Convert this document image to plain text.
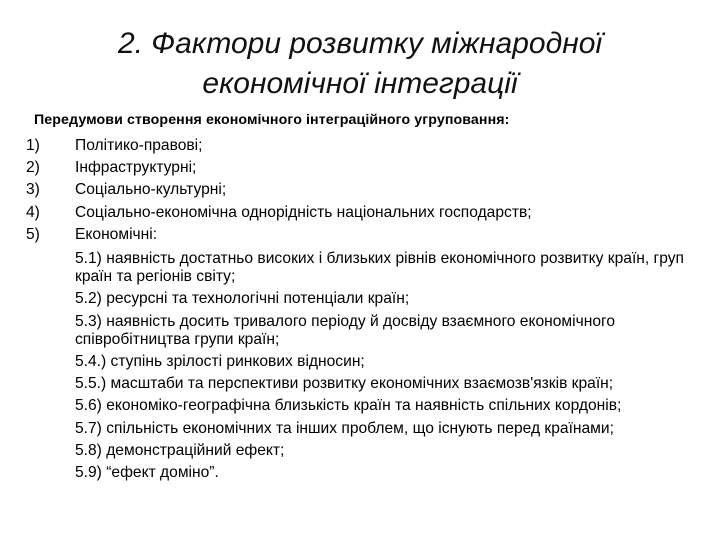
2. Фактори розвитку міжнародної економічної інтеграції
Передумови створення економічного інтеграційного угруповання:
1) Політико-правові;
2) Інфраструктурні;
3) Соціально-культурні;
4) Соціально-економічна однорідність національних господарств;
5) Економічні:
5.1) наявність достатньо високих і близьких рівнів економічного розвитку країн, груп країн та регіонів світу;
5.2) ресурсні та технологічні потенціали країн;
5.3) наявність досить тривалого періоду й досвіду взаємного економічного співробітництва групи країн;
5.4.) ступінь зрілості ринкових відносин;
5.5.) масштаби та перспективи розвитку економічних взаємозв'язків країн;
5.6) економіко-географічна близькість країн та наявність спільних кордонів;
5.7) спільність економічних та інших проблем, що існують перед країнами;
5.8) демонстраційний ефект;
5.9) “ефект доміно”.
